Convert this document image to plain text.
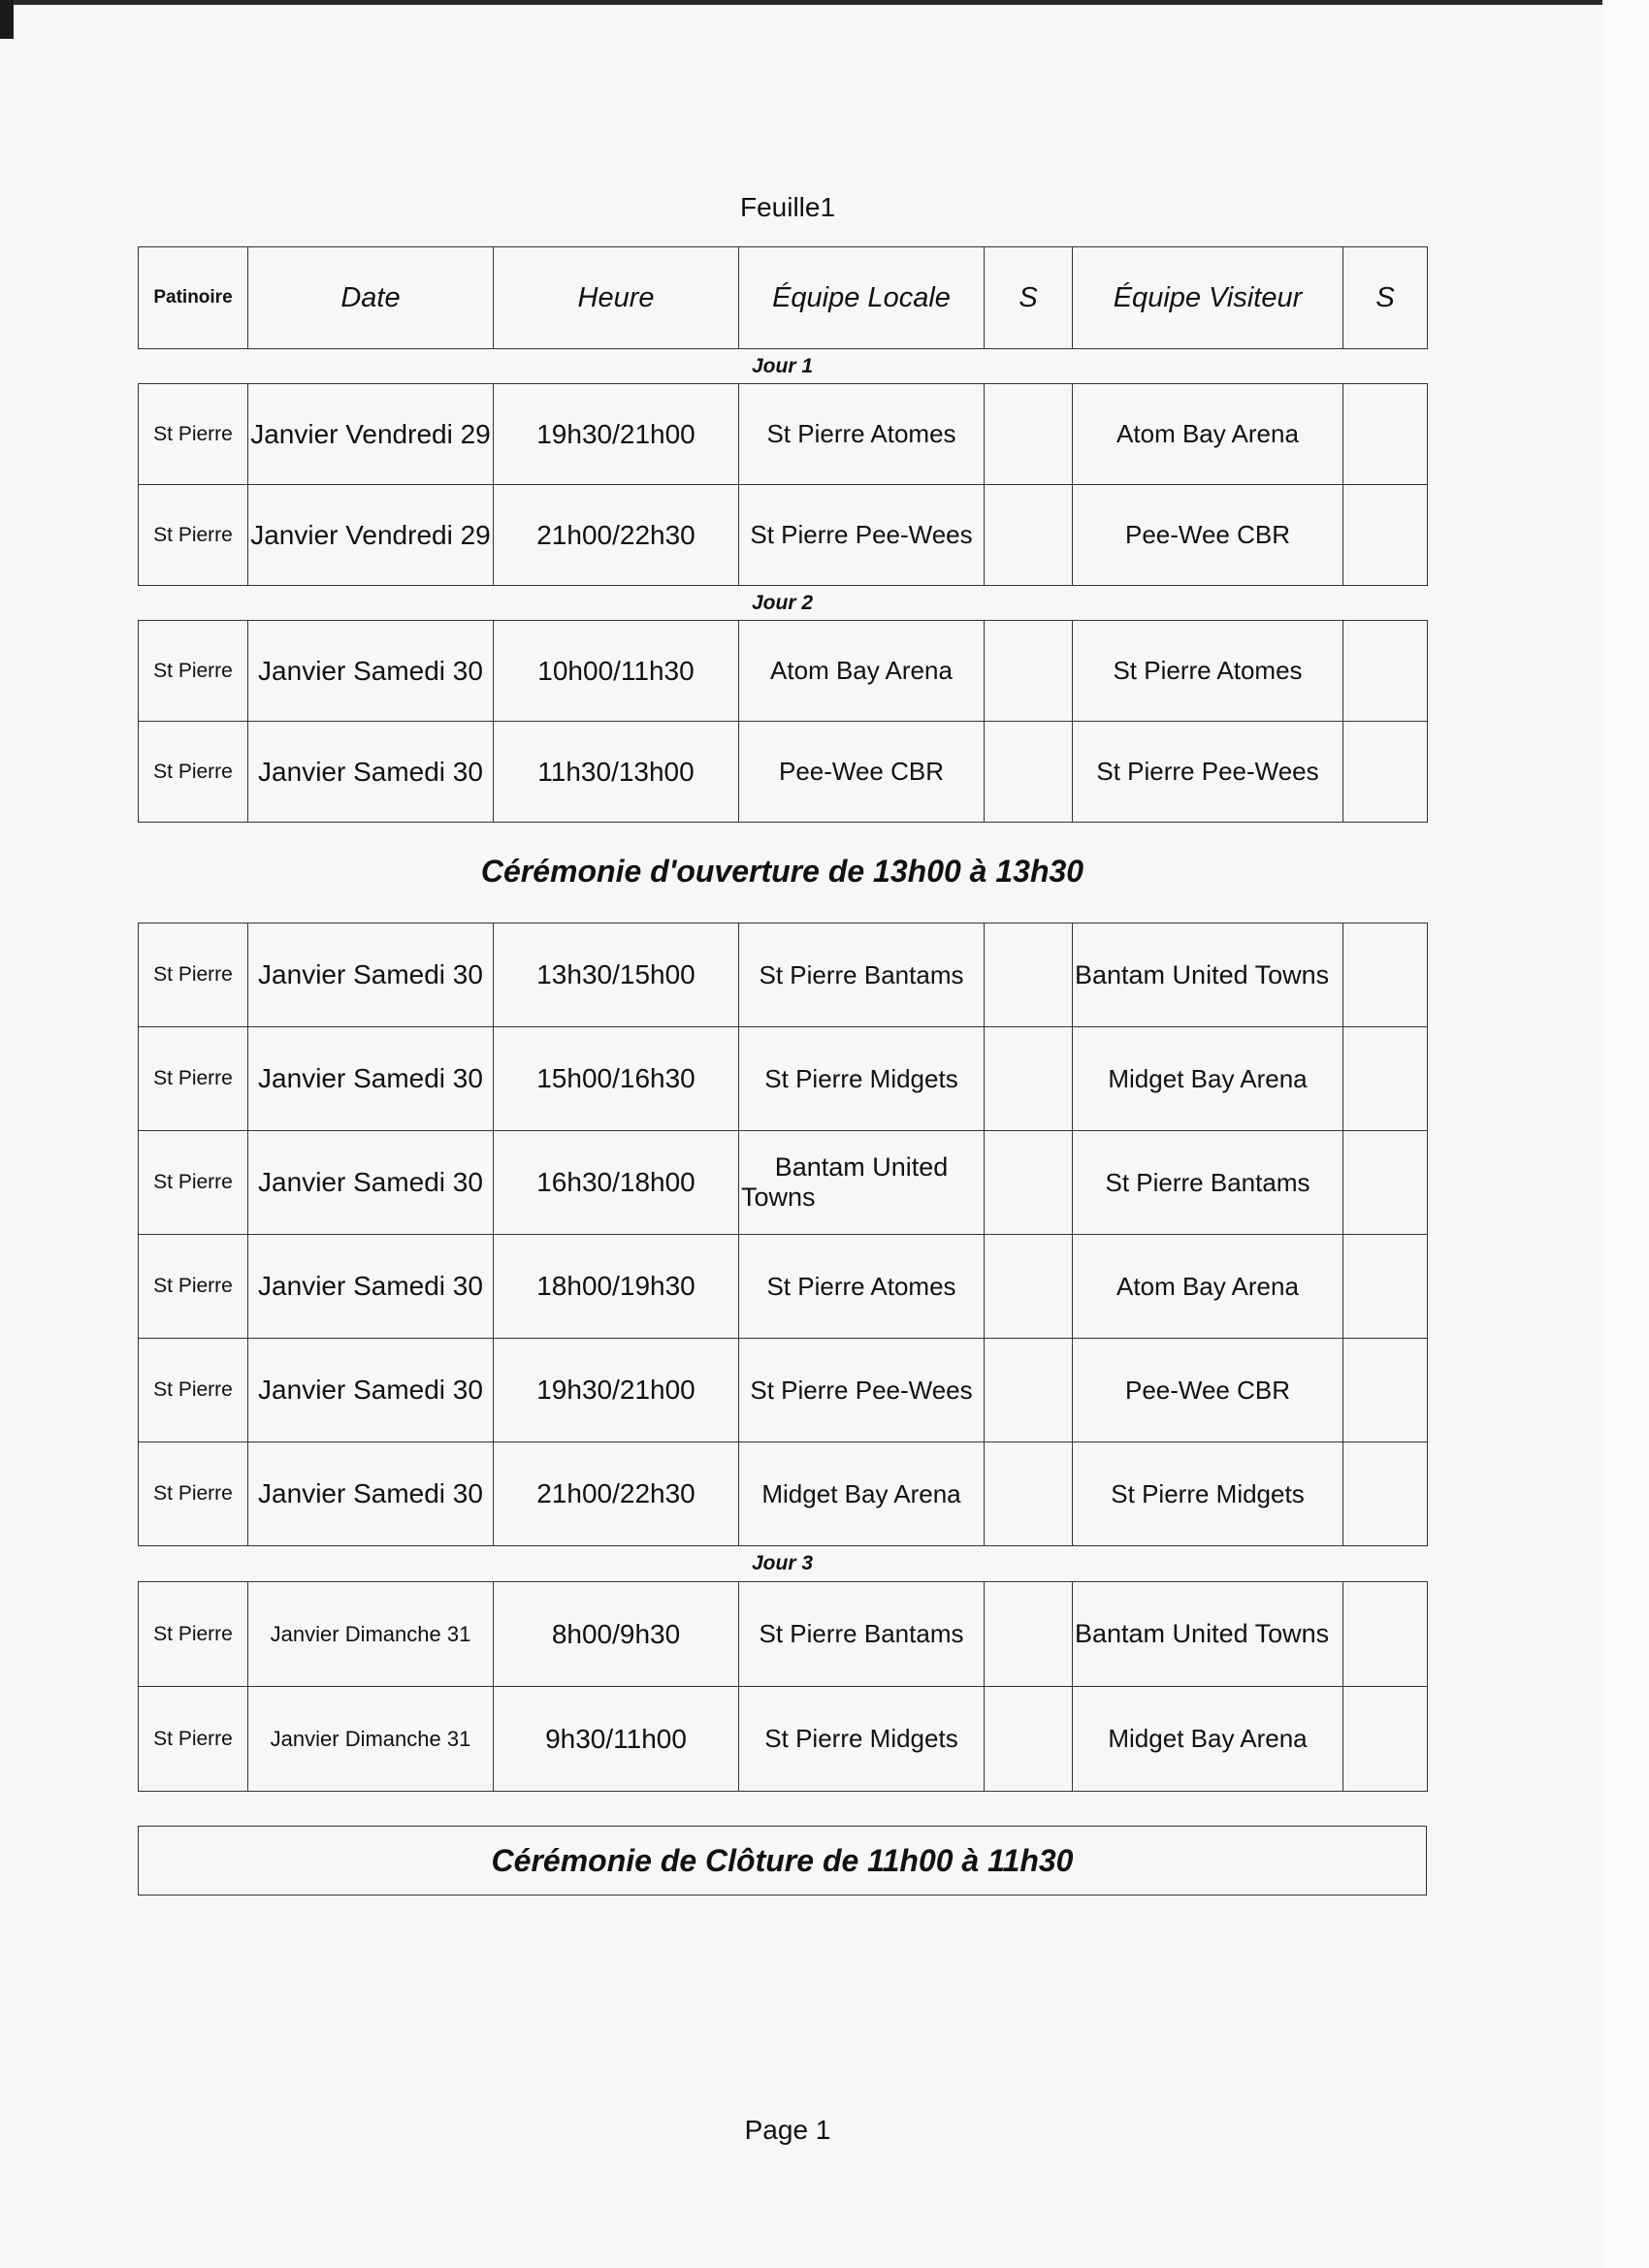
Feuille1
Patinoire	Date	Heure	Équipe Locale	S	Équipe Visiteur	S
Jour 1
St Pierre	Janvier Vendredi 29	19h30/21h00	St Pierre Atomes		Atom Bay Arena	
St Pierre	Janvier Vendredi 29	21h00/22h30	St Pierre Pee-Wees		Pee-Wee CBR	
Jour 2
St Pierre	Janvier Samedi 30	10h00/11h30	Atom Bay Arena		St Pierre Atomes	
St Pierre	Janvier Samedi 30	11h30/13h00	Pee-Wee CBR		St Pierre Pee-Wees	
Cérémonie d'ouverture de 13h00 à 13h30
St Pierre	Janvier Samedi 30	13h30/15h00	St Pierre Bantams		Bantam United Towns	
St Pierre	Janvier Samedi 30	15h00/16h30	St Pierre Midgets		Midget Bay Arena	
St Pierre	Janvier Samedi 30	16h30/18h00	Bantam United Towns		St Pierre Bantams	
St Pierre	Janvier Samedi 30	18h00/19h30	St Pierre Atomes		Atom Bay Arena	
St Pierre	Janvier Samedi 30	19h30/21h00	St Pierre Pee-Wees		Pee-Wee CBR	
St Pierre	Janvier Samedi 30	21h00/22h30	Midget Bay Arena		St Pierre Midgets	
Jour 3
St Pierre	Janvier Dimanche 31	8h00/9h30	St Pierre Bantams		Bantam United Towns	
St Pierre	Janvier Dimanche 31	9h30/11h00	St Pierre Midgets		Midget Bay Arena	
Cérémonie de Clôture de 11h00 à 11h30
Page 1
